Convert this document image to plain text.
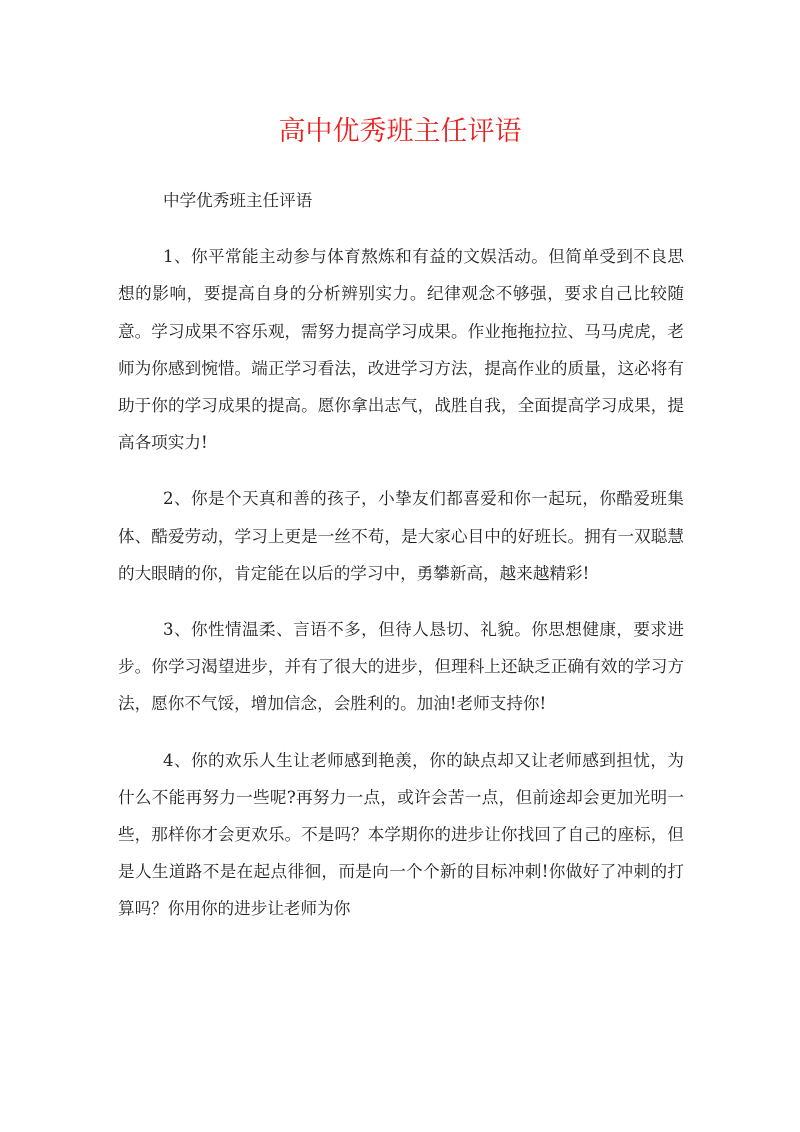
高中优秀班主任评语

中学优秀班主任评语

1、你平常能主动参与体育熬炼和有益的文娱活动。但简单受到不良思想的影响，要提高自身的分析辨别实力。纪律观念不够强，要求自己比较随意。学习成果不容乐观，需努力提高学习成果。作业拖拖拉拉、马马虎虎，老师为你感到惋惜。端正学习看法，改进学习方法，提高作业的质量，这必将有助于你的学习成果的提高。愿你拿出志气，战胜自我，全面提高学习成果，提高各项实力!

2、你是个天真和善的孩子，小挚友们都喜爱和你一起玩，你酷爱班集体、酷爱劳动，学习上更是一丝不苟，是大家心目中的好班长。拥有一双聪慧的大眼睛的你，肯定能在以后的学习中，勇攀新高，越来越精彩!

3、你性情温柔、言语不多，但待人恳切、礼貌。你思想健康，要求进步。你学习渴望进步，并有了很大的进步，但理科上还缺乏正确有效的学习方法，愿你不气馁，增加信念，会胜利的。加油!老师支持你!

4、你的欢乐人生让老师感到艳羡，你的缺点却又让老师感到担忧，为什么不能再努力一些呢?再努力一点，或许会苦一点，但前途却会更加光明一些，那样你才会更欢乐。不是吗？本学期你的进步让你找回了自己的座标，但是人生道路不是在起点徘徊，而是向一个个新的目标冲刺!你做好了冲刺的打算吗？你用你的进步让老师为你
